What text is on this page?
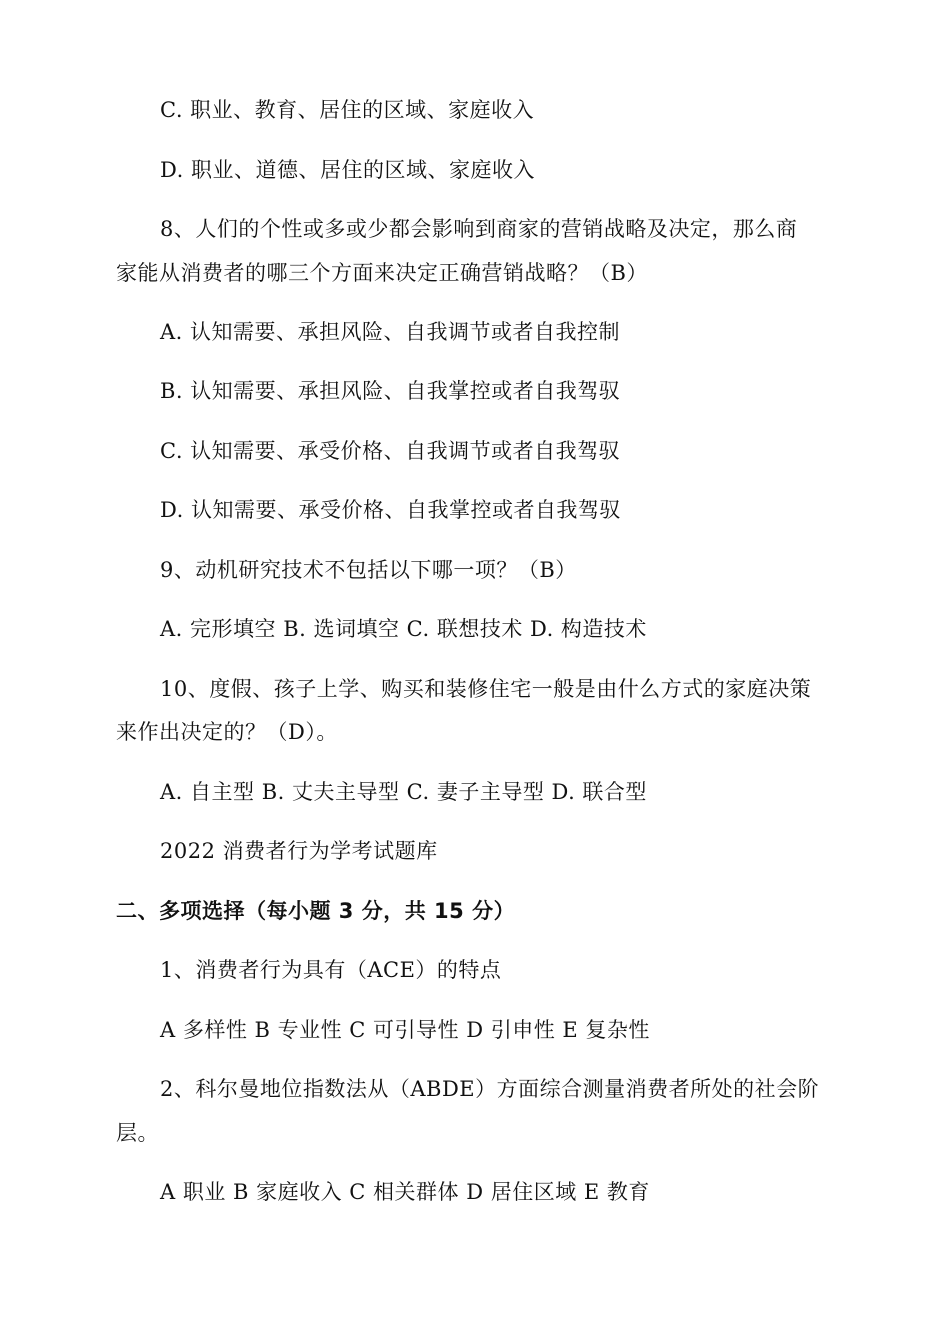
C. 职业、教育、居住的区域、家庭收入
D. 职业、道德、居住的区域、家庭收入
8、人们的个性或多或少都会影响到商家的营销战略及决定，那么商
家能从消费者的哪三个方面来决定正确营销战略？（B）
A. 认知需要、承担风险、自我调节或者自我控制
B. 认知需要、承担风险、自我掌控或者自我驾驭
C. 认知需要、承受价格、自我调节或者自我驾驭
D. 认知需要、承受价格、自我掌控或者自我驾驭
9、动机研究技术不包括以下哪一项？（B）
A. 完形填空 B. 选词填空 C. 联想技术 D. 构造技术
10、度假、孩子上学、购买和装修住宅一般是由什么方式的家庭决策
来作出决定的？（D）。
A. 自主型 B. 丈夫主导型 C. 妻子主导型 D. 联合型
2022 消费者行为学考试题库
二、多项选择（每小题 3 分，共 15 分）
1、消费者行为具有（ACE）的特点
A 多样性 B 专业性 C 可引导性 D 引申性 E 复杂性
2、科尔曼地位指数法从（ABDE）方面综合测量消费者所处的社会阶
层。
A 职业 B 家庭收入 C 相关群体 D 居住区域 E 教育
